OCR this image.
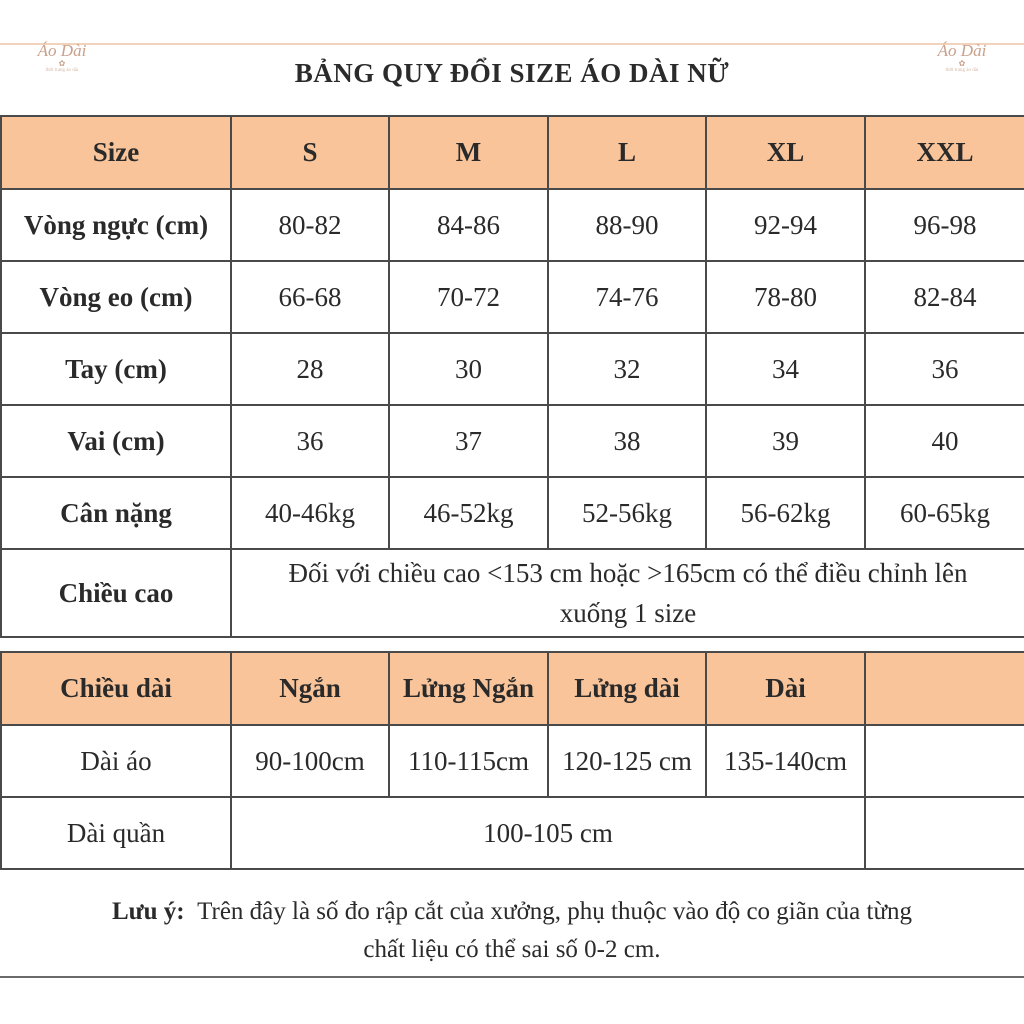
Áo Dài
✿
thời trang áo dài
Áo Dài
✿
thời trang áo dài
BẢNG QUY ĐỔI SIZE ÁO DÀI NỮ
Size	S	M	L	XL	XXL
Vòng ngực (cm)	80-82	84-86	88-90	92-94	96-98
Vòng eo (cm)	66-68	70-72	74-76	78-80	82-84
Tay (cm)	28	30	32	34	36
Vai (cm)	36	37	38	39	40
Cân nặng	40-46kg	46-52kg	52-56kg	56-62kg	60-65kg
Chiều cao	Đối với chiều cao <153 cm hoặc >165cm có thể điều chỉnh lên
xuống 1 size				
Chiều dài	Ngắn	Lửng Ngắn	Lửng dài	Dài	
Dài áo	90-100cm	110-115cm	120-125 cm	135-140cm	
Dài quần	100-105 cm				
Lưu ý: Trên đây là số đo rập cắt của xưởng, phụ thuộc vào độ co giãn của từng
chất liệu có thể sai số 0-2 cm.
